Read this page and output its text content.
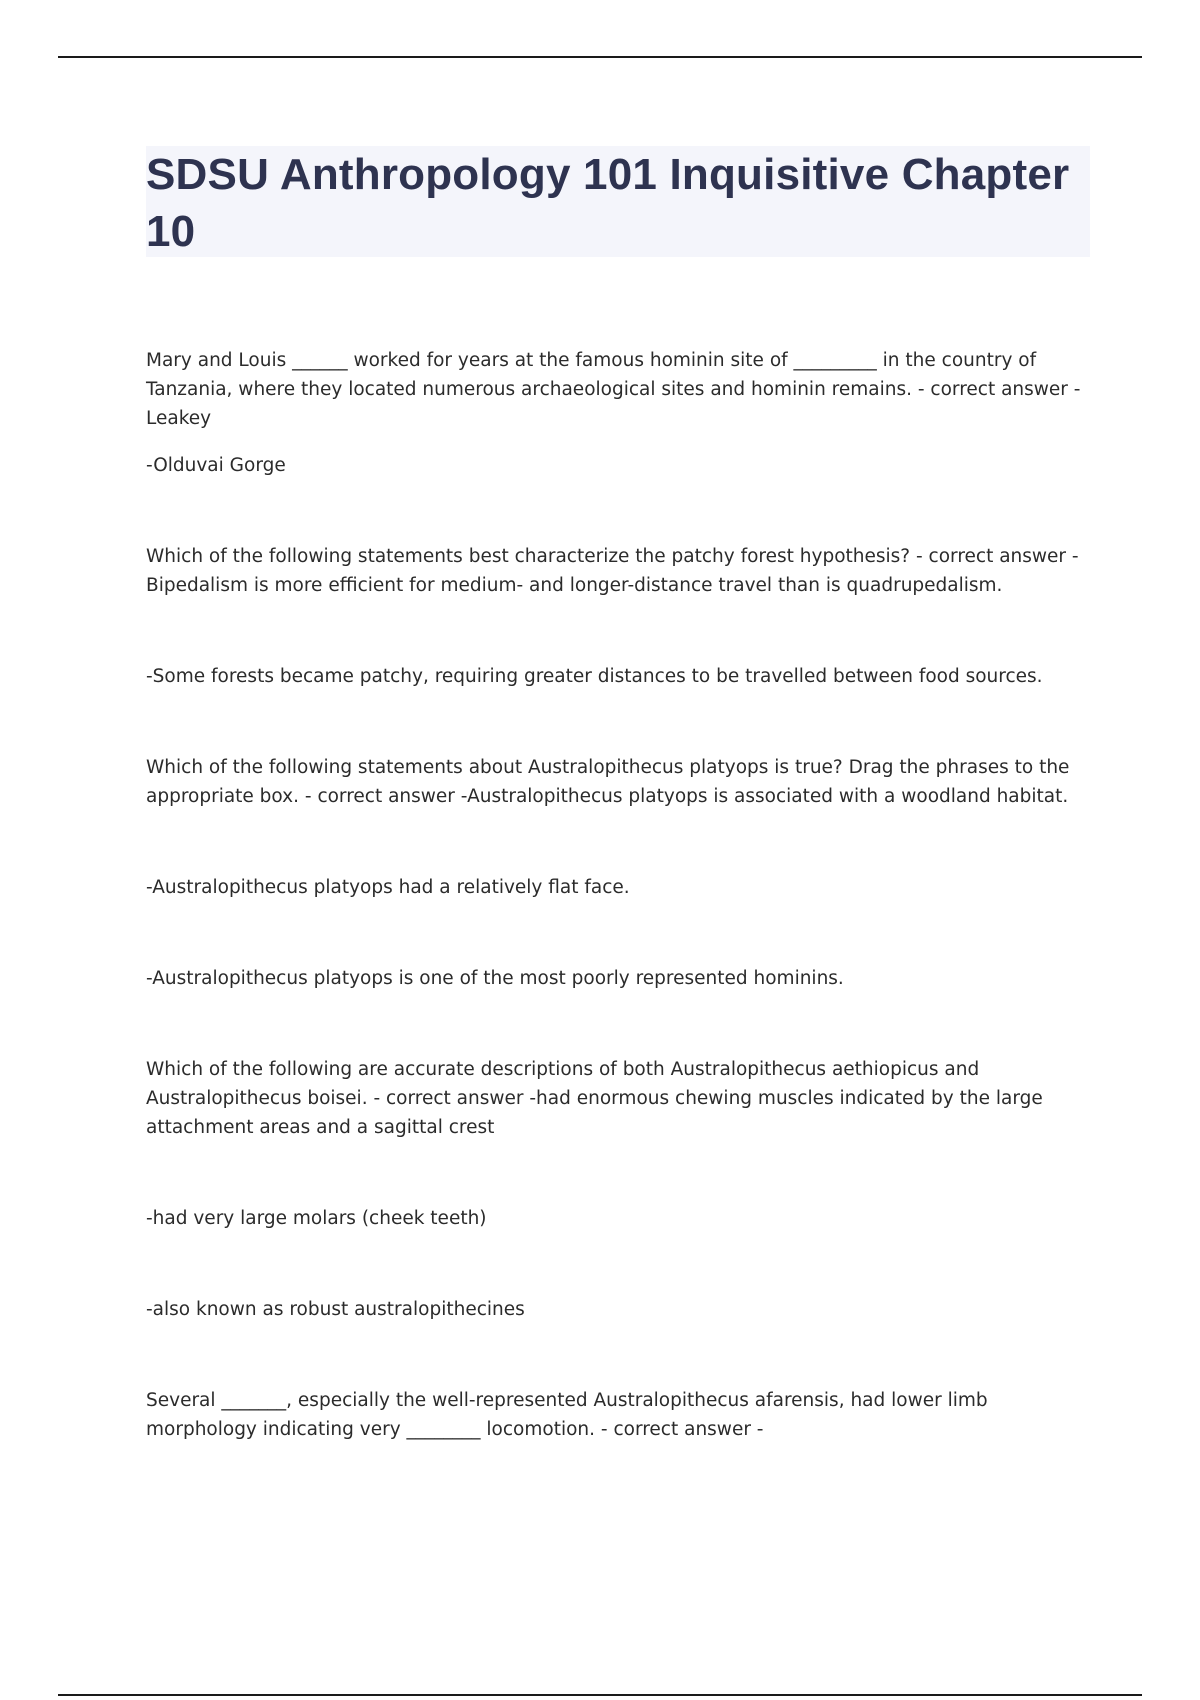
SDSU Anthropology 101 Inquisitive Chapter 10

Mary and Louis ______ worked for years at the famous hominin site of _________ in the country of Tanzania, where they located numerous archaeological sites and hominin remains. - correct answer - Leakey

-Olduvai Gorge

Which of the following statements best characterize the patchy forest hypothesis? - correct answer - Bipedalism is more efficient for medium- and longer-distance travel than is quadrupedalism.

-Some forests became patchy, requiring greater distances to be travelled between food sources.

Which of the following statements about Australopithecus platyops is true? Drag the phrases to the appropriate box. - correct answer -Australopithecus platyops is associated with a woodland habitat.

-Australopithecus platyops had a relatively flat face.

-Australopithecus platyops is one of the most poorly represented hominins.

Which of the following are accurate descriptions of both Australopithecus aethiopicus and Australopithecus boisei. - correct answer -had enormous chewing muscles indicated by the large attachment areas and a sagittal crest

-had very large molars (cheek teeth)

-also known as robust australopithecines

Several _______, especially the well-represented Australopithecus afarensis, had lower limb morphology indicating very ________ locomotion. - correct answer -
